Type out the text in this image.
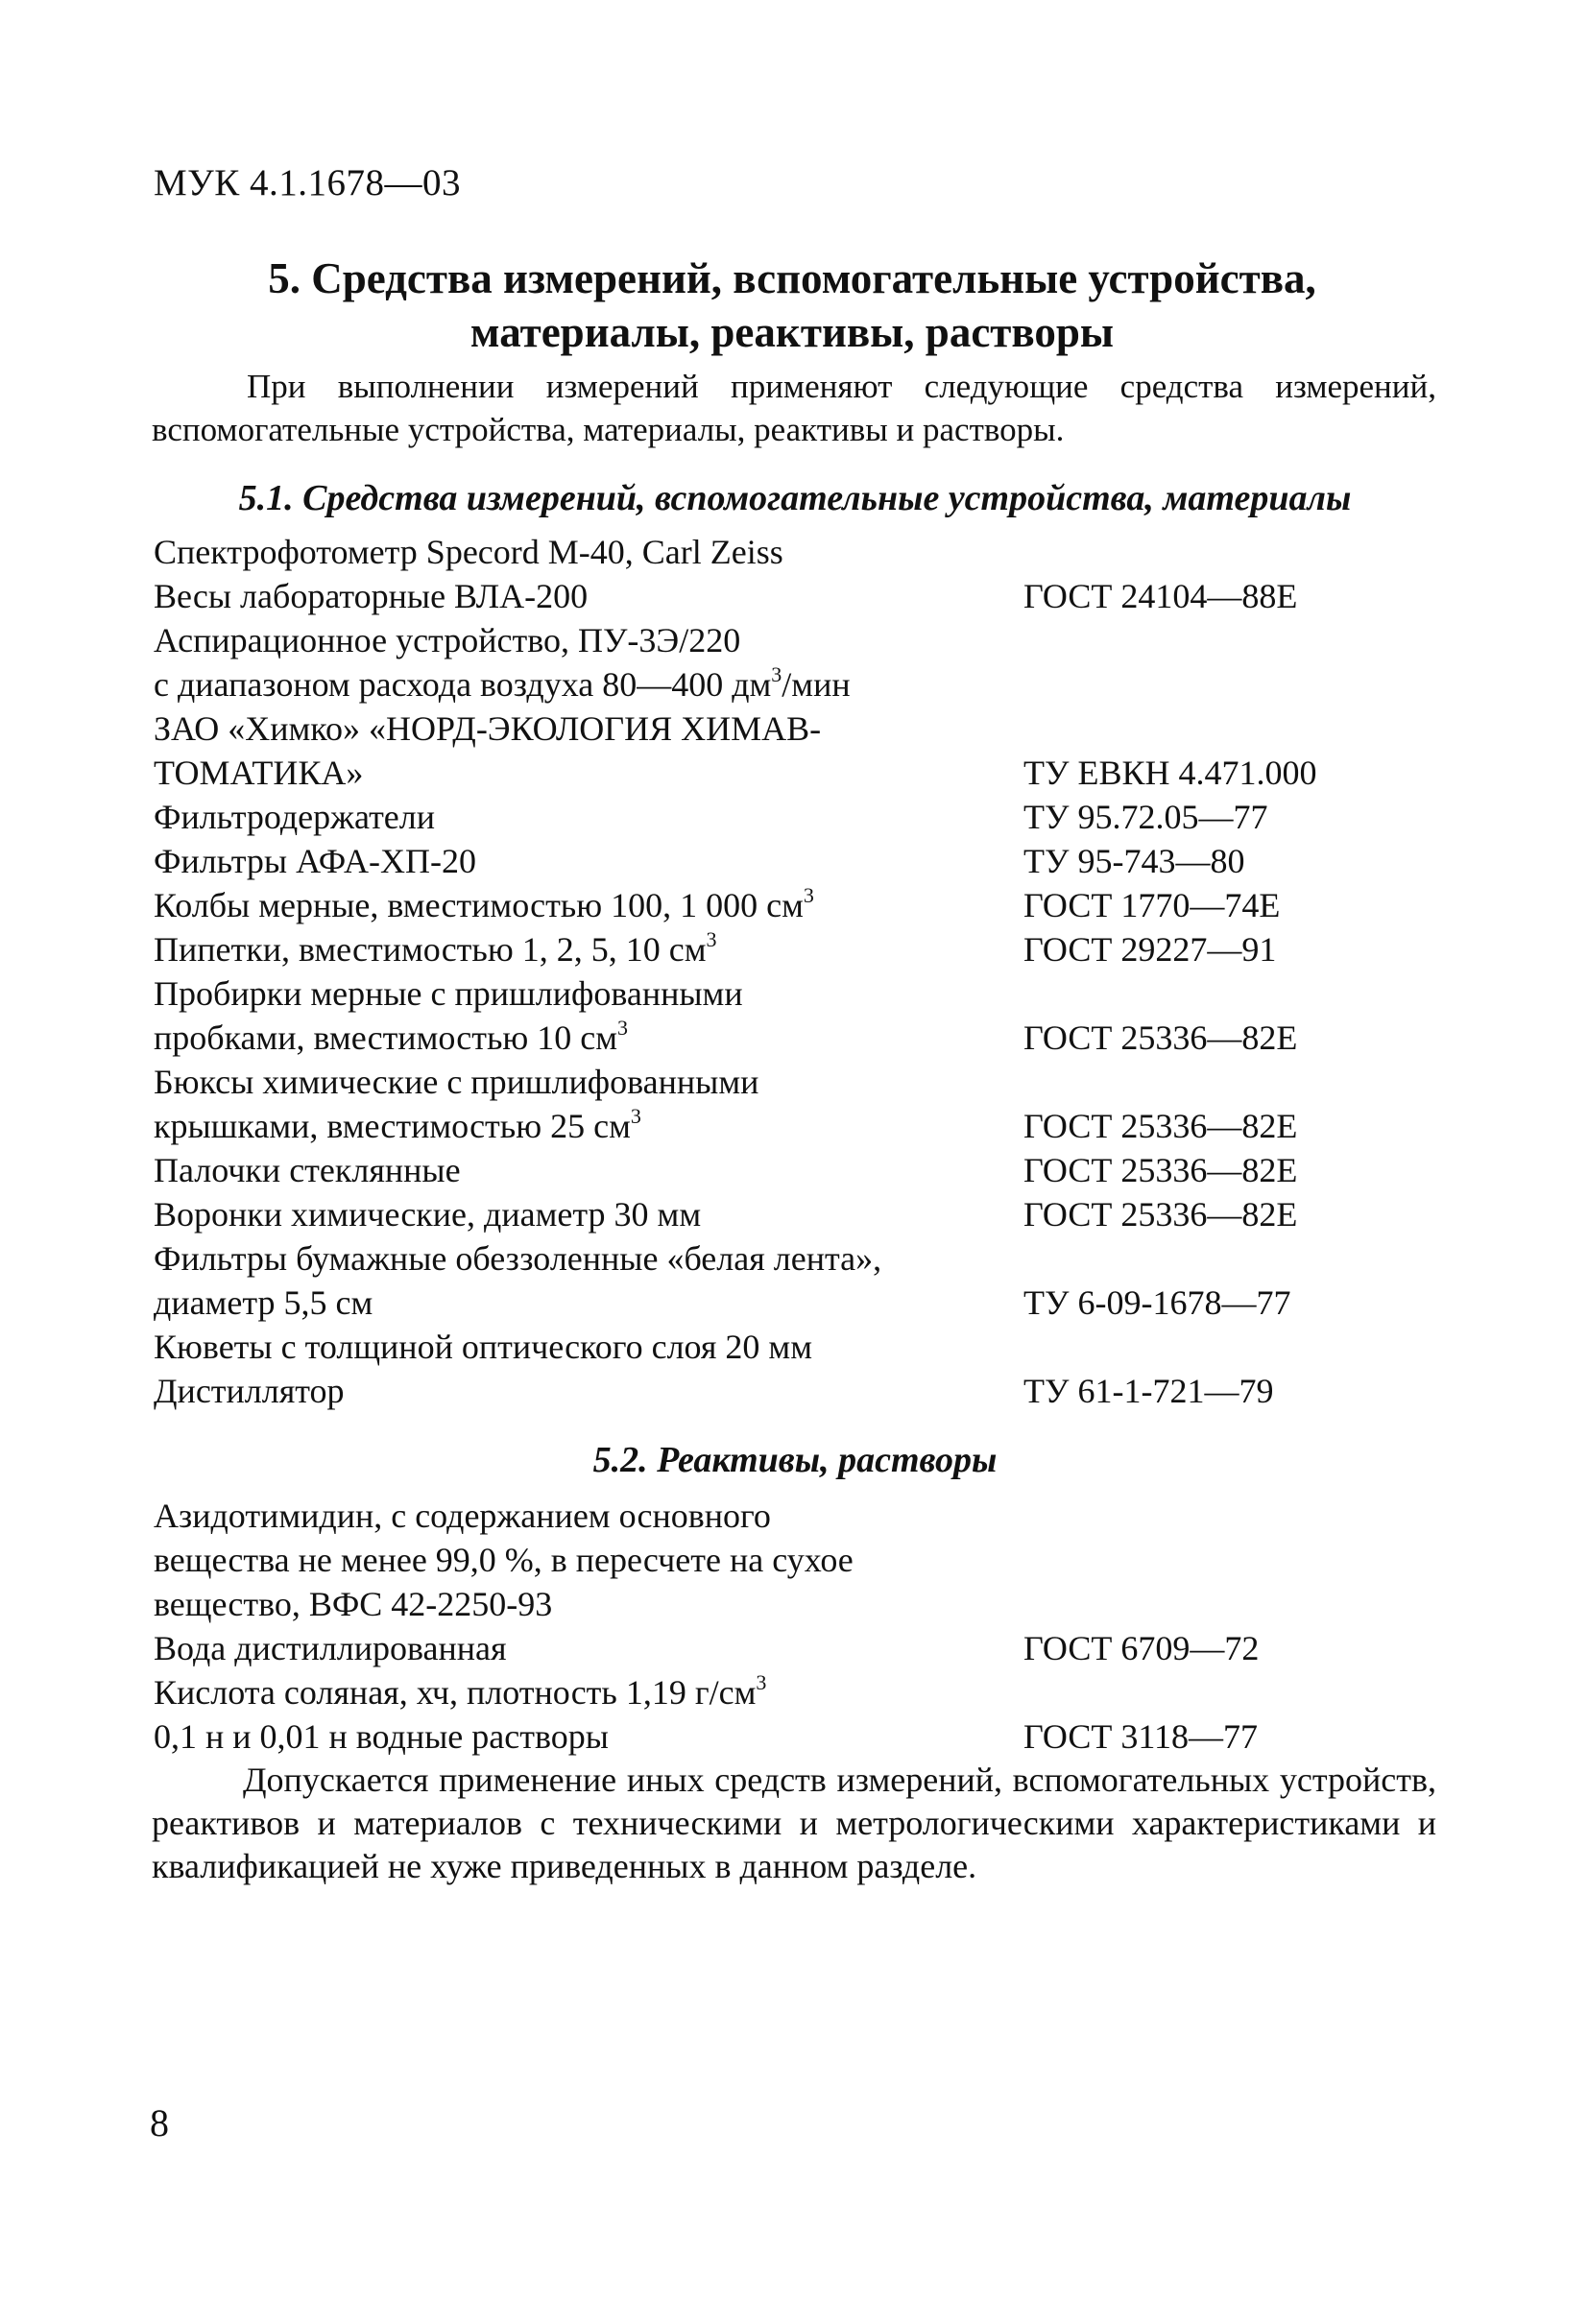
МУК 4.1.1678—03
5. Средства измерений, вспомогательные устройства,
материалы, реактивы, растворы
При выполнении измерений применяют следующие средства измерений, вспомогательные устройства, материалы, реактивы и растворы.
5.1. Средства измерений, вспомогательные устройства, материалы
Спектрофотометр Specord M-40, Carl Zeiss
Весы лабораторные ВЛА-200	ГОСТ 24104—88Е
Аспирационное устройство, ПУ-3Э/220
с диапазоном расхода воздуха 80—400 $дм^3$/мин
ЗАО «Химко» «НОРД-ЭКОЛОГИЯ ХИМАВ-
ТОМАТИКА»	ТУ ЕВКН 4.471.000
Фильтродержатели	ТУ 95.72.05—77
Фильтры АФА-ХП-20	ТУ 95-743—80
Колбы мерные, вместимостью 100, 1 000 $см^3$	ГОСТ 1770—74Е
Пипетки, вместимостью 1, 2, 5, 10 $см^3$	ГОСТ 29227—91
Пробирки мерные с пришлифованными
пробками, вместимостью 10 $см^3$	ГОСТ 25336—82Е
Бюксы химические с пришлифованными
крышками, вместимостью 25 $см^3$	ГОСТ 25336—82Е
Палочки стеклянные	ГОСТ 25336—82Е
Воронки химические, диаметр 30 мм	ГОСТ 25336—82Е
Фильтры бумажные обеззоленные «белая лента»,
диаметр 5,5 см	ТУ 6-09-1678—77
Кюветы с толщиной оптического слоя 20 мм
Дистиллятор	ТУ 61-1-721—79
5.2. Реактивы, растворы
Азидотимидин, с содержанием основного
вещества не менее 99,0 %, в пересчете на сухое
вещество, ВФС 42-2250-93
Вода дистиллированная	ГОСТ 6709—72
Кислота соляная, хч, плотность 1,19 $г/см^3$
0,1 н и 0,01 н водные растворы	ГОСТ 3118—77
Допускается применение иных средств измерений, вспомогательных устройств, реактивов и материалов с техническими и метрологическими характеристиками и квалификацией не хуже приведенных в данном разделе.
8
